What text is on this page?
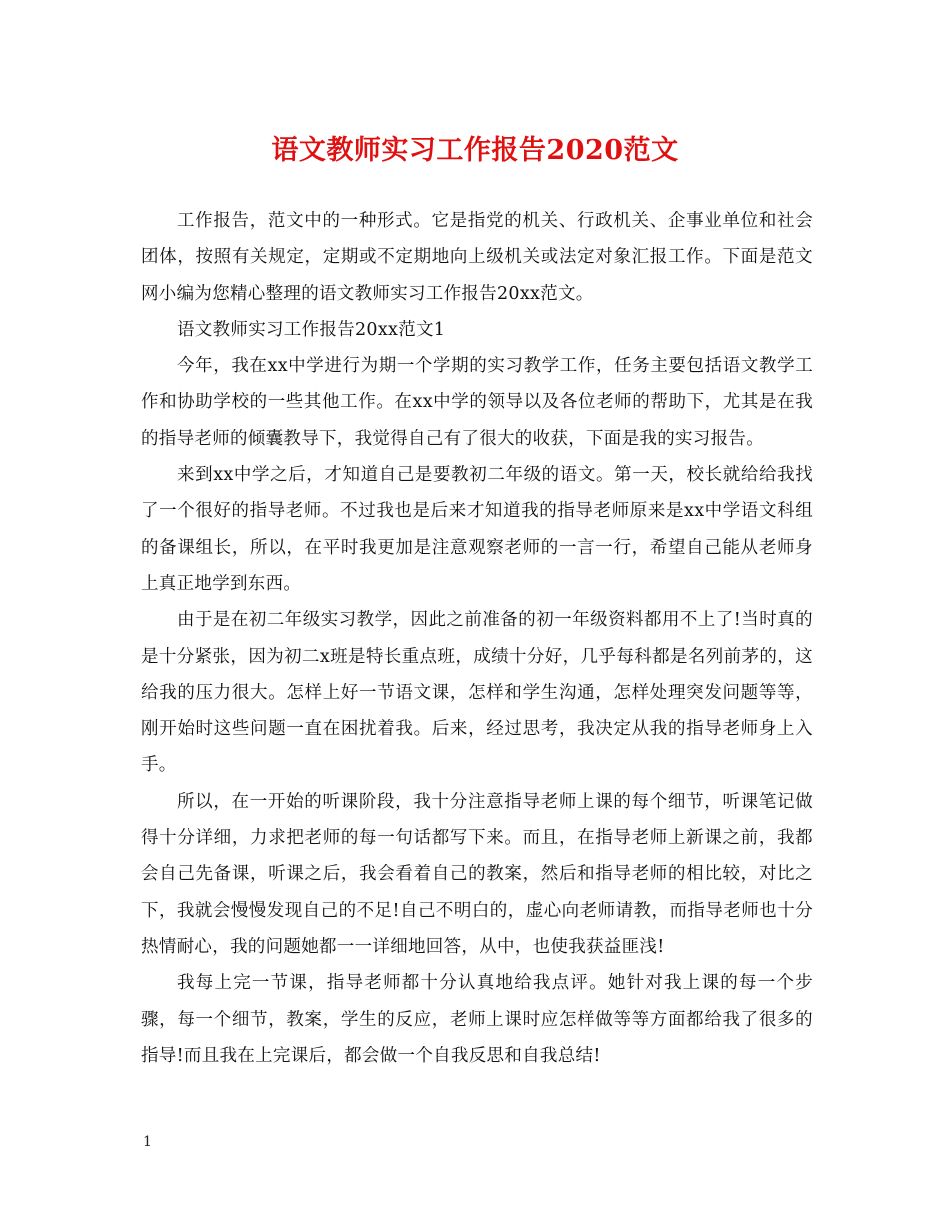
语文教师实习工作报告2020范文

工作报告，范文中的一种形式。它是指党的机关、行政机关、企事业单位和社会团体，按照有关规定，定期或不定期地向上级机关或法定对象汇报工作。下面是范文网小编为您精心整理的语文教师实习工作报告20xx范文。

语文教师实习工作报告20xx范文1

今年，我在xx中学进行为期一个学期的实习教学工作，任务主要包括语文教学工作和协助学校的一些其他工作。在xx中学的领导以及各位老师的帮助下，尤其是在我的指导老师的倾囊教导下，我觉得自己有了很大的收获，下面是我的实习报告。

来到xx中学之后，才知道自己是要教初二年级的语文。第一天，校长就给给我找了一个很好的指导老师。不过我也是后来才知道我的指导老师原来是xx中学语文科组的备课组长，所以，在平时我更加是注意观察老师的一言一行，希望自己能从老师身上真正地学到东西。

由于是在初二年级实习教学，因此之前准备的初一年级资料都用不上了!当时真的是十分紧张，因为初二x班是特长重点班，成绩十分好，几乎每科都是名列前茅的，这给我的压力很大。怎样上好一节语文课，怎样和学生沟通，怎样处理突发问题等等，刚开始时这些问题一直在困扰着我。后来，经过思考，我决定从我的指导老师身上入手。

所以，在一开始的听课阶段，我十分注意指导老师上课的每个细节，听课笔记做得十分详细，力求把老师的每一句话都写下来。而且，在指导老师上新课之前，我都会自己先备课，听课之后，我会看着自己的教案，然后和指导老师的相比较，对比之下，我就会慢慢发现自己的不足!自己不明白的，虚心向老师请教，而指导老师也十分热情耐心，我的问题她都一一详细地回答，从中，也使我获益匪浅!

我每上完一节课，指导老师都十分认真地给我点评。她针对我上课的每一个步骤，每一个细节，教案，学生的反应，老师上课时应怎样做等等方面都给我了很多的指导!而且我在上完课后，都会做一个自我反思和自我总结!

1
